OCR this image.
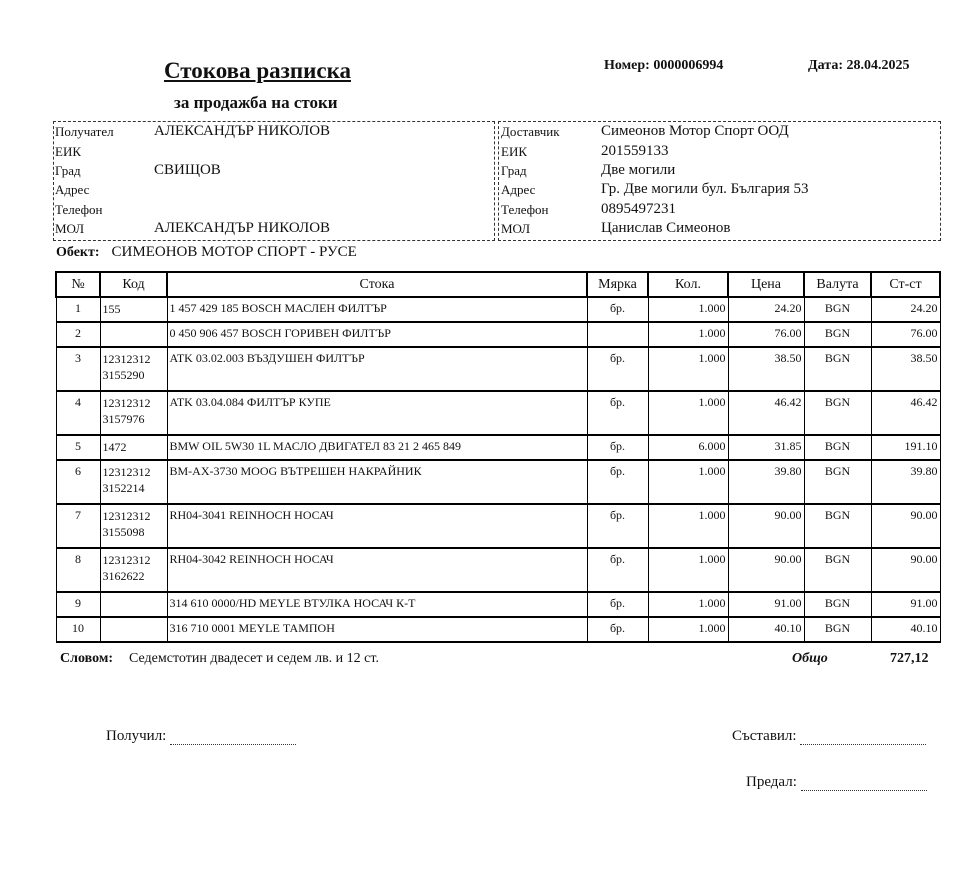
Стокова разписка
за продажба на стоки
Номер: 0000006994	Дата: 28.04.2025
Получател	АЛЕКСАНДЪР НИКОЛОВ
ЕИК
Град	СВИЩОВ
Адрес
Телефон
МОЛ	АЛЕКСАНДЪР НИКОЛОВ
Доставчик	Симеонов Мотор Спорт ООД
ЕИК	201559133
Град	Две могили
Адрес	Гр. Две могили бул. България 53
Телефон	0895497231
МОЛ	Цанислав Симеонов
Обект: СИМЕОНОВ МОТОР СПОРТ - РУСЕ
№	Код	Стока	Мярка	Кол.	Цена	Валута	Ст-ст
1	155	1 457 429 185 BOSCH МАСЛЕН ФИЛТЪР	бр.	1.000	24.20	BGN	24.20
2		0 450 906 457 BOSCH ГОРИВЕН ФИЛТЪР		1.000	76.00	BGN	76.00
3	12312312 3155290	ATK 03.02.003 ВЪЗДУШЕН ФИЛТЪР	бр.	1.000	38.50	BGN	38.50
4	12312312 3157976	ATK 03.04.084 ФИЛТЪР КУПЕ	бр.	1.000	46.42	BGN	46.42
5	1472	BMW OIL 5W30 1L МАСЛО ДВИГАТЕЛ 83 21 2 465 849	бр.	6.000	31.85	BGN	191.10
6	12312312 3152214	BM-AX-3730 MOOG ВЪТРЕШЕН НАКРАЙНИК	бр.	1.000	39.80	BGN	39.80
7	12312312 3155098	RH04-3041 REINHOCH НОСАЧ	бр.	1.000	90.00	BGN	90.00
8	12312312 3162622	RH04-3042 REINHOCH НОСАЧ	бр.	1.000	90.00	BGN	90.00
9		314 610 0000/HD MEYLE ВТУЛКА НОСАЧ К-Т	бр.	1.000	91.00	BGN	91.00
10		316 710 0001 MEYLE ТАМПОН	бр.	1.000	40.10	BGN	40.10
Словом: Седемстотин двадесет и седем лв. и 12 ст.	Общо	727,12
Получил:	Съставил:
Предал:
